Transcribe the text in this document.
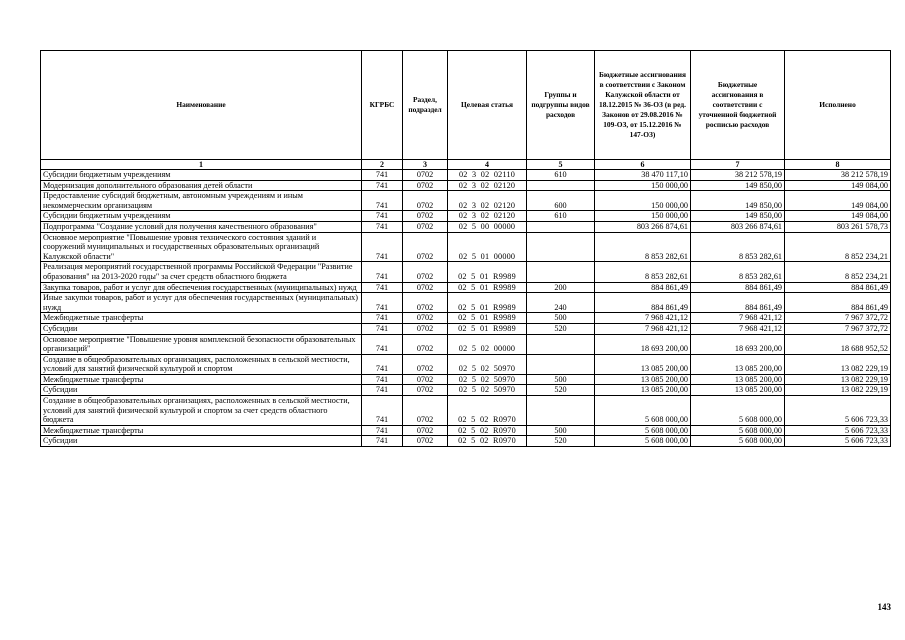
Наименование	КГРБС	Раздел, подраздел	Целевая статья	Группы и подгруппы видов расходов	Бюджетные ассигнования в соответствии с Законом Калужской области от 18.12.2015 № 36-ОЗ (в ред. Законов от 29.08.2016 № 109-ОЗ, от 15.12.2016 № 147-ОЗ)	Бюджетные ассигнования в соответствии с уточненной бюджетной росписью расходов	Исполнено
1	2	3	4	5	6	7	8
Субсидии бюджетным учреждениям	741	0702	02  3  02  02110	610	38 470 117,10	38 212 578,19	38 212 578,19
Модернизация дополнительного образования детей области	741	0702	02  3  02  02120		150 000,00	149 850,00	149 084,00
Предоставление субсидий бюджетным, автономным учреждениям и иным некоммерческим организациям	741	0702	02  3  02  02120	600	150 000,00	149 850,00	149 084,00
Субсидии бюджетным учреждениям	741	0702	02  3  02  02120	610	150 000,00	149 850,00	149 084,00
Подпрограмма "Создание условий для получения качественного образования"	741	0702	02  5  00  00000		803 266 874,61	803 266 874,61	803 261 578,73
Основное мероприятие "Повышение уровня технического состояния зданий и сооружений муниципальных и государственных образовательных организаций Калужской области"	741	0702	02  5  01  00000		8 853 282,61	8 853 282,61	8 852 234,21
Реализация мероприятий государственной программы Российской Федерации "Развитие образования" на 2013-2020 годы" за счет средств областного бюджета	741	0702	02  5  01  R9989		8 853 282,61	8 853 282,61	8 852 234,21
Закупка товаров, работ и услуг для обеспечения государственных (муниципальных) нужд	741	0702	02  5  01  R9989	200	884 861,49	884 861,49	884 861,49
Иные закупки товаров, работ и услуг для обеспечения государственных (муниципальных) нужд	741	0702	02  5  01  R9989	240	884 861,49	884 861,49	884 861,49
Межбюджетные трансферты	741	0702	02  5  01  R9989	500	7 968 421,12	7 968 421,12	7 967 372,72
Субсидии	741	0702	02  5  01  R9989	520	7 968 421,12	7 968 421,12	7 967 372,72
Основное мероприятие "Повышение уровня комплексной безопасности образовательных организаций"	741	0702	02  5  02  00000		18 693 200,00	18 693 200,00	18 688 952,52
Создание в общеобразовательных организациях, расположенных в сельской местности, условий для занятий физической культурой и спортом	741	0702	02  5  02  50970		13 085 200,00	13 085 200,00	13 082 229,19
Межбюджетные трансферты	741	0702	02  5  02  50970	500	13 085 200,00	13 085 200,00	13 082 229,19
Субсидии	741	0702	02  5  02  50970	520	13 085 200,00	13 085 200,00	13 082 229,19
Создание в общеобразовательных организациях, расположенных в сельской местности, условий для занятий физической культурой и спортом за счет средств областного бюджета	741	0702	02  5  02  R0970		5 608 000,00	5 608 000,00	5 606 723,33
Межбюджетные трансферты	741	0702	02  5  02  R0970	500	5 608 000,00	5 608 000,00	5 606 723,33
Субсидии	741	0702	02  5  02  R0970	520	5 608 000,00	5 608 000,00	5 606 723,33
143
